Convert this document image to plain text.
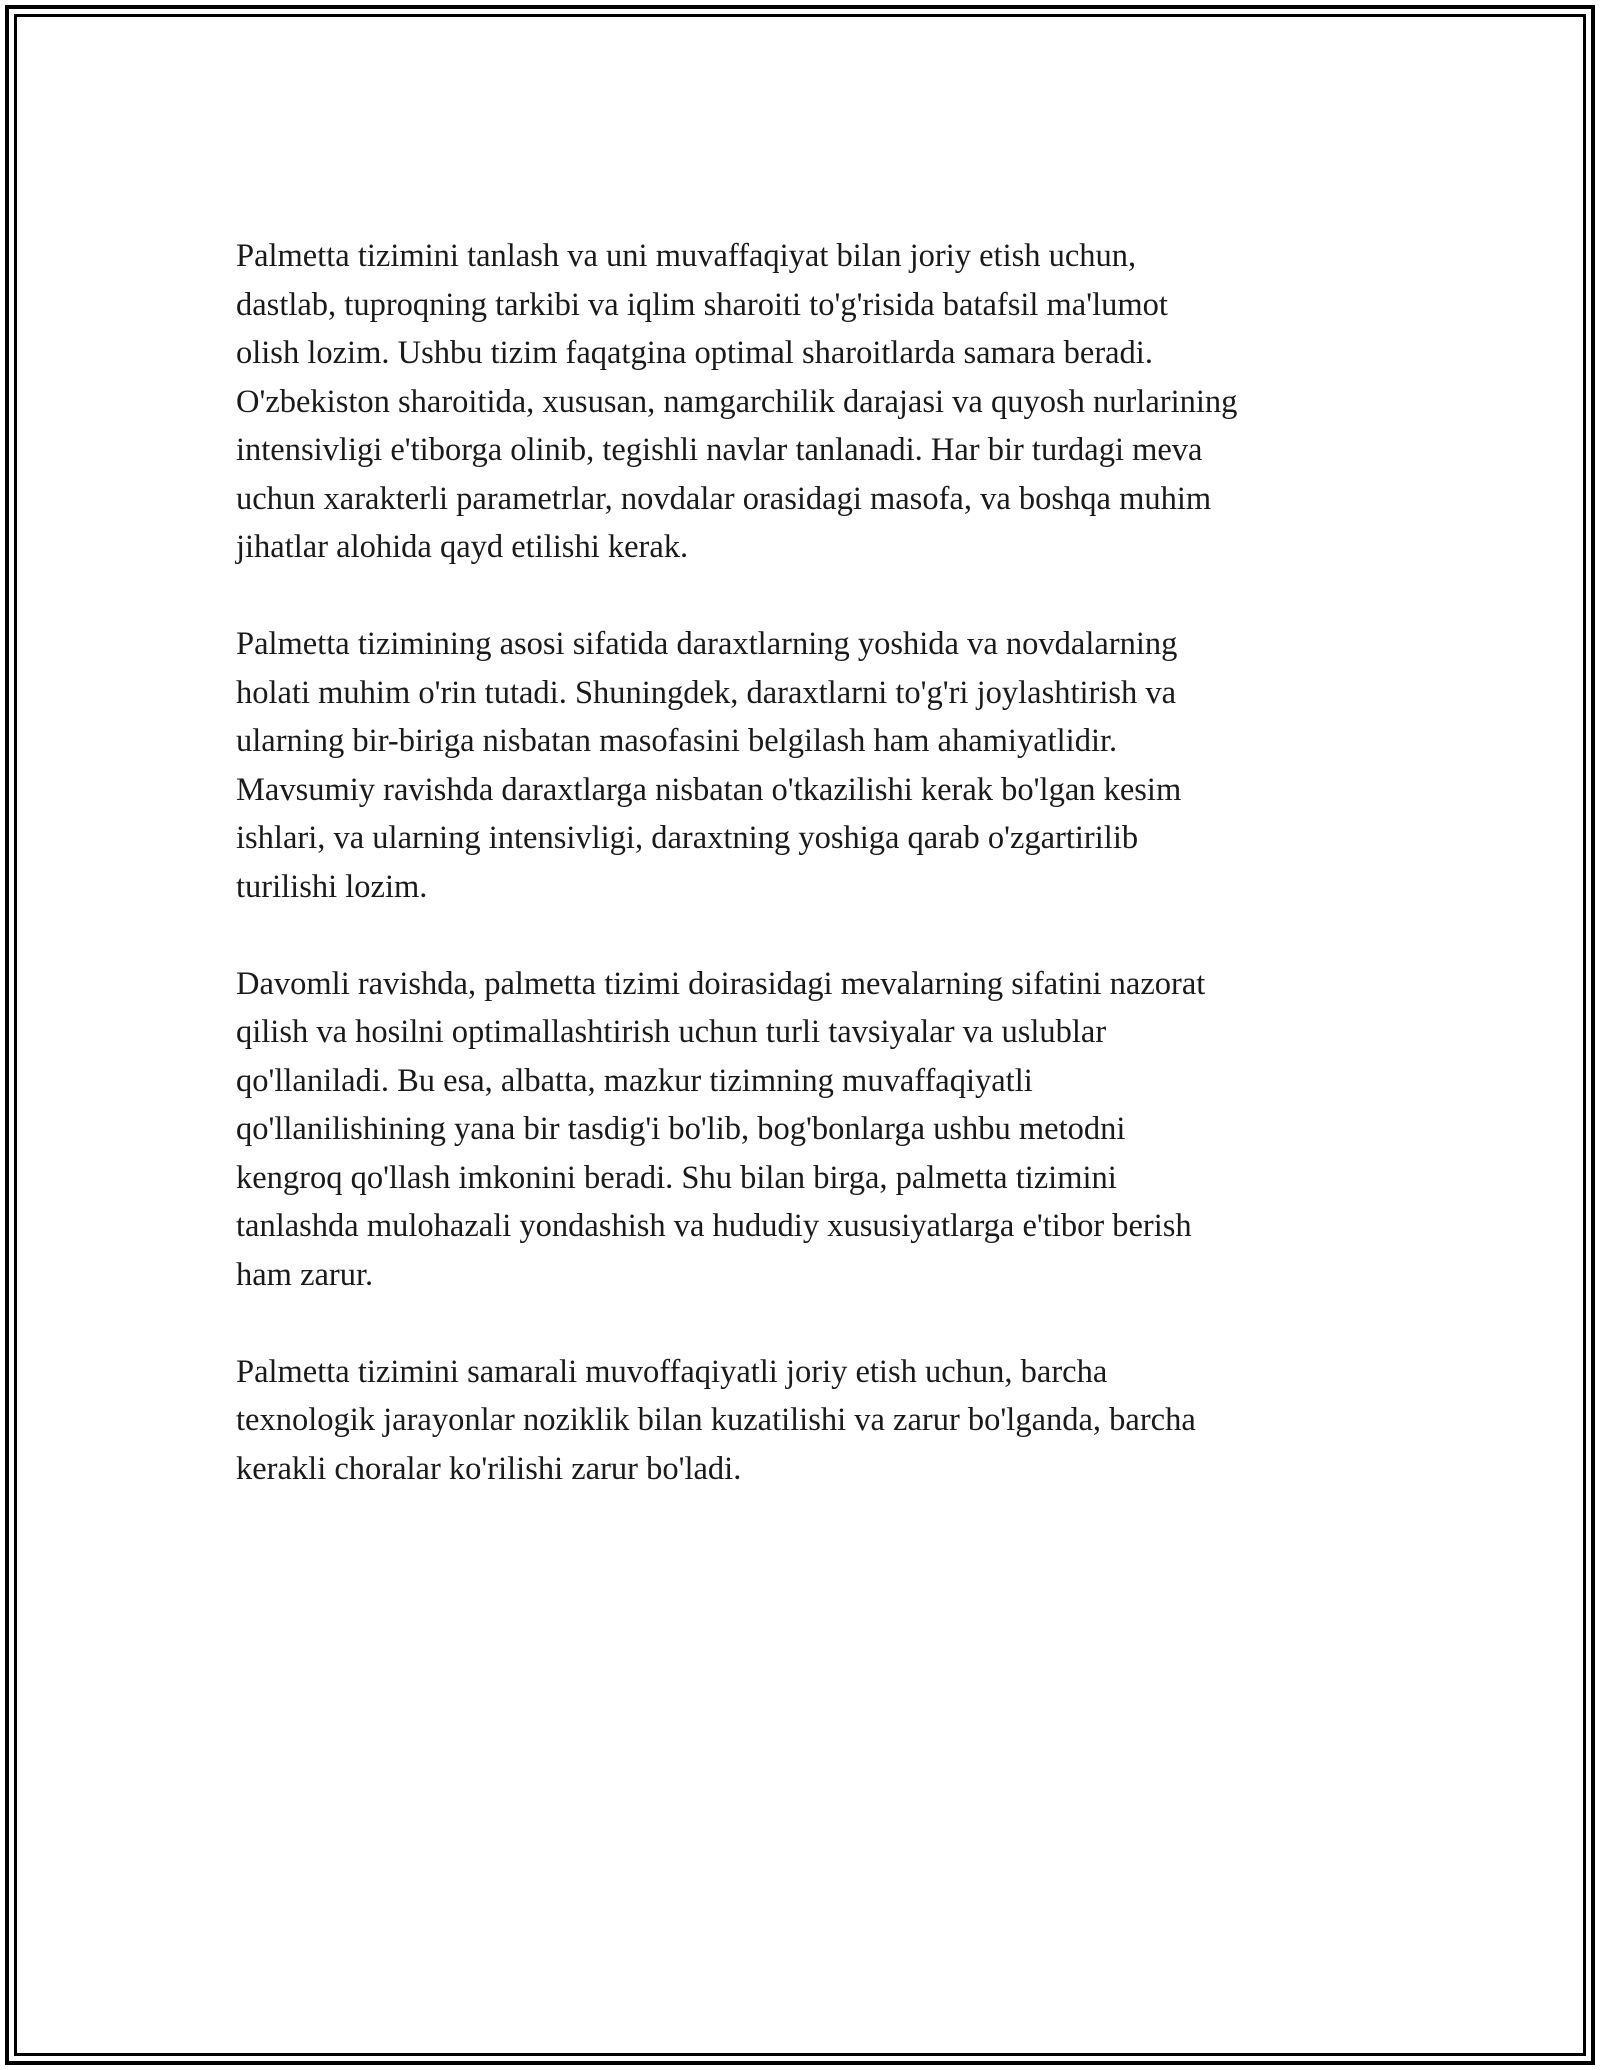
Palmetta tizimini tanlash va uni muvaffaqiyat bilan joriy etish uchun,
dastlab, tuproqning tarkibi va iqlim sharoiti to'g'risida batafsil ma'lumot
olish lozim. Ushbu tizim faqatgina optimal sharoitlarda samara beradi.
O'zbekiston sharoitida, xususan, namgarchilik darajasi va quyosh nurlarining
intensivligi e'tiborga olinib, tegishli navlar tanlanadi. Har bir turdagi meva
uchun xarakterli parametrlar, novdalar orasidagi masofa, va boshqa muhim
jihatlar alohida qayd etilishi kerak.

Palmetta tizimining asosi sifatida daraxtlarning yoshida va novdalarning
holati muhim o'rin tutadi. Shuningdek, daraxtlarni to'g'ri joylashtirish va
ularning bir-biriga nisbatan masofasini belgilash ham ahamiyatlidir.
Mavsumiy ravishda daraxtlarga nisbatan o'tkazilishi kerak bo'lgan kesim
ishlari, va ularning intensivligi, daraxtning yoshiga qarab o'zgartirilib
turilishi lozim.

Davomli ravishda, palmetta tizimi doirasidagi mevalarning sifatini nazorat
qilish va hosilni optimallashtirish uchun turli tavsiyalar va uslublar
qo'llaniladi. Bu esa, albatta, mazkur tizimning muvaffaqiyatli
qo'llanilishining yana bir tasdig'i bo'lib, bog'bonlarga ushbu metodni
kengroq qo'llash imkonini beradi. Shu bilan birga, palmetta tizimini
tanlashda mulohazali yondashish va hududiy xususiyatlarga e'tibor berish
ham zarur.

Palmetta tizimini samarali muvoffaqiyatli joriy etish uchun, barcha
texnologik jarayonlar noziklik bilan kuzatilishi va zarur bo'lganda, barcha
kerakli choralar ko'rilishi zarur bo'ladi.
